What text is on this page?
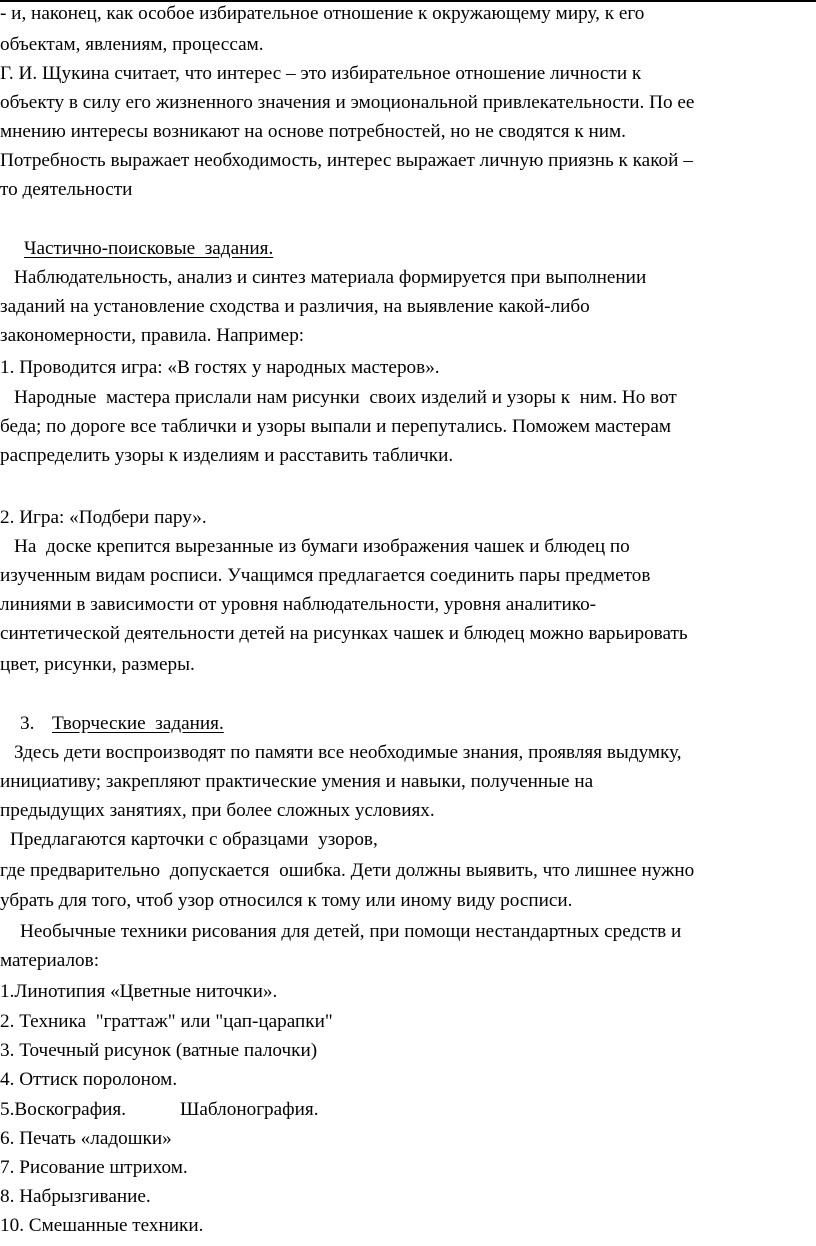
- и, наконец, как особое избирательное отношение к окружающему миру, к его
объектам, явлениям, процессам.
Г. И. Щукина считает, что интерес – это избирательное отношение личности к
объекту в силу его жизненного значения и эмоциональной привлекательности. По ее
мнению интересы возникают на основе потребностей, но не сводятся к ним.
Потребность выражает необходимость, интерес выражает личную приязнь к какой –
то деятельности
Частично-поисковые  задания.
Наблюдательность, анализ и синтез материала формируется при выполнении
заданий на установление сходства и различия, на выявление какой-либо
закономерности, правила. Например:
1. Проводится игра: «В гостях у народных мастеров».
Народные  мастера прислали нам рисунки  своих изделий и узоры к  ним. Но вот
беда; по дороге все таблички и узоры выпали и перепутались. Поможем мастерам
распределить узоры к изделиям и расставить таблички.
2. Игра: «Подбери пару».
На  доске крепится вырезанные из бумаги изображения чашек и блюдец по
изученным видам росписи. Учащимся предлагается соединить пары предметов
линиями в зависимости от уровня наблюдательности, уровня аналитико-
синтетической деятельности детей на рисунках чашек и блюдец можно варьировать
цвет, рисунки, размеры.
3. Творческие  задания.
Здесь дети воспроизводят по памяти все необходимые знания, проявляя выдумку,
инициативу; закрепляют практические умения и навыки, полученные на
предыдущих занятиях, при более сложных условиях.
Предлагаются карточки с образцами  узоров,
где предварительно  допускается  ошибка. Дети должны выявить, что лишнее нужно
убрать для того, чтоб узор относился к тому или иному виду росписи.
Необычные техники рисования для детей, при помощи нестандартных средств и
материалов:
1.Линотипия «Цветные ниточки».
2. Техника  "граттаж" или "цап-царапки"
3. Точечный рисунок (ватные палочки)
4. Оттиск поролоном.
5.Воскография.	Шаблонография.
6. Печать «ладошки»
7. Рисование штрихом.
8. Набрызгивание.
10. Смешанные техники.
